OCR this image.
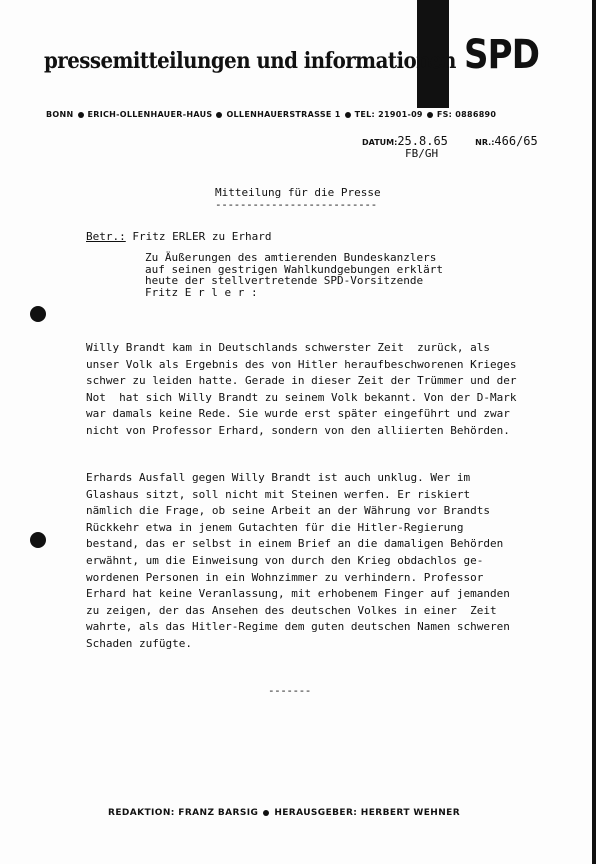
pressemitteilungen und informationen SPD
BONN ERICH-OLLENHAUER-HAUS OLLENHAUERSTRASSE 1 TEL: 21901-09 FS: 0886890
DATUM:25.8.65	NR.:466/65
FB/GH
Mitteilung für die Presse
--------------------------
Betr.: Fritz ERLER zu Erhard
Zu Äußerungen des amtierenden Bundeskanzlers
auf seinen gestrigen Wahlkundgebungen erklärt
heute der stellvertretende SPD-Vorsitzende
Fritz E r l e r :
Willy Brandt kam in Deutschlands schwerster Zeit  zurück, als
unser Volk als Ergebnis des von Hitler heraufbeschworenen Krieges
schwer zu leiden hatte. Gerade in dieser Zeit der Trümmer und der
Not  hat sich Willy Brandt zu seinem Volk bekannt. Von der D-Mark
war damals keine Rede. Sie wurde erst später eingeführt und zwar
nicht von Professor Erhard, sondern von den alliierten Behörden.
Erhards Ausfall gegen Willy Brandt ist auch unklug. Wer im
Glashaus sitzt, soll nicht mit Steinen werfen. Er riskiert
nämlich die Frage, ob seine Arbeit an der Währung vor Brandts
Rückkehr etwa in jenem Gutachten für die Hitler-Regierung
bestand, das er selbst in einem Brief an die damaligen Behörden
erwähnt, um die Einweisung von durch den Krieg obdachlos ge-
wordenen Personen in ein Wohnzimmer zu verhindern. Professor
Erhard hat keine Veranlassung, mit erhobenem Finger auf jemanden
zu zeigen, der das Ansehen des deutschen Volkes in einer  Zeit
wahrte, als das Hitler-Regime dem guten deutschen Namen schweren
Schaden zufügte.
-------
REDAKTION: FRANZ BARSIG HERAUSGEBER: HERBERT WEHNER
